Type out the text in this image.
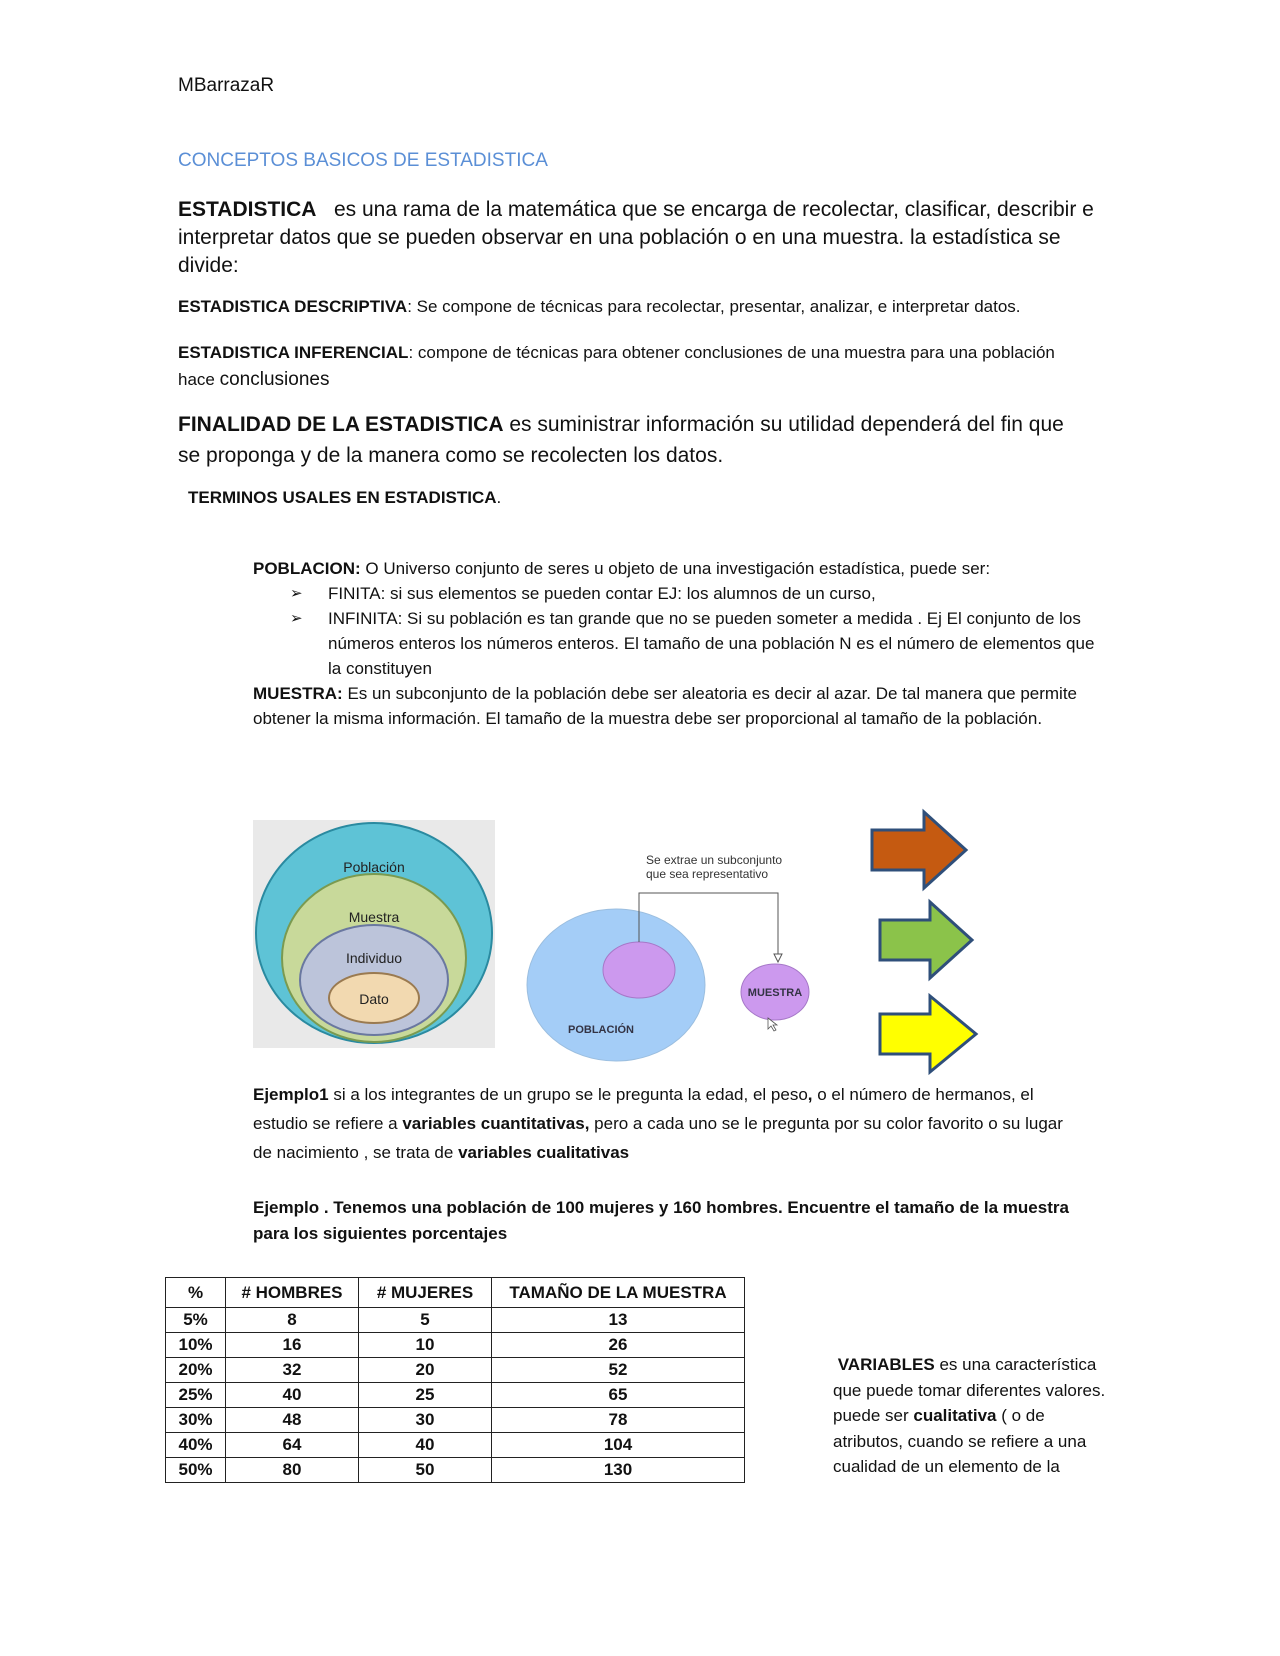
MBarrazaR
CONCEPTOS BASICOS DE ESTADISTICA
ESTADISTICA es una rama de la matemática que se encarga de recolectar, clasificar, describir e interpretar datos que se pueden observar en una población o en una muestra. la estadística se divide:
ESTADISTICA DESCRIPTIVA: Se compone de técnicas para recolectar, presentar, analizar, e interpretar datos.
ESTADISTICA INFERENCIAL: compone de técnicas para obtener conclusiones de una muestra para una población hace conclusiones
FINALIDAD DE LA ESTADISTICA es suministrar información su utilidad dependerá del fin que se proponga y de la manera como se recolecten los datos.
TERMINOS USALES EN ESTADISTICA.
POBLACION: O Universo conjunto de seres u objeto de una investigación estadística, puede ser:
➢ FINITA: si sus elementos se pueden contar EJ: los alumnos de un curso,
➢ INFINITA: Si su población es tan grande que no se pueden someter a medida . Ej El conjunto de los números enteros los números enteros. El tamaño de una población N es el número de elementos que la constituyen
MUESTRA: Es un subconjunto de la población debe ser aleatoria es decir al azar. De tal manera que permite obtener la misma información. El tamaño de la muestra debe ser proporcional al tamaño de la población.
Población
Muestra
Individuo
Dato
Se extrae un subconjunto
que sea representativo
POBLACIÓN
MUESTRA
Ejemplo1 si a los integrantes de un grupo se le pregunta la edad, el peso, o el número de hermanos, el estudio se refiere a variables cuantitativas, pero a cada uno se le pregunta por su color favorito o su lugar de nacimiento , se trata de variables cualitativas
Ejemplo . Tenemos una población de 100 mujeres y 160 hombres. Encuentre el tamaño de la muestra para los siguientes porcentajes
%	# HOMBRES	# MUJERES	TAMAÑO DE LA MUESTRA
5%	8	5	13
10%	16	10	26
20%	32	20	52
25%	40	25	65
30%	48	30	78
40%	64	40	104
50%	80	50	130
VARIABLES es una característica que puede tomar diferentes valores. puede ser cualitativa ( o de atributos, cuando se refiere a una cualidad de un elemento de la
